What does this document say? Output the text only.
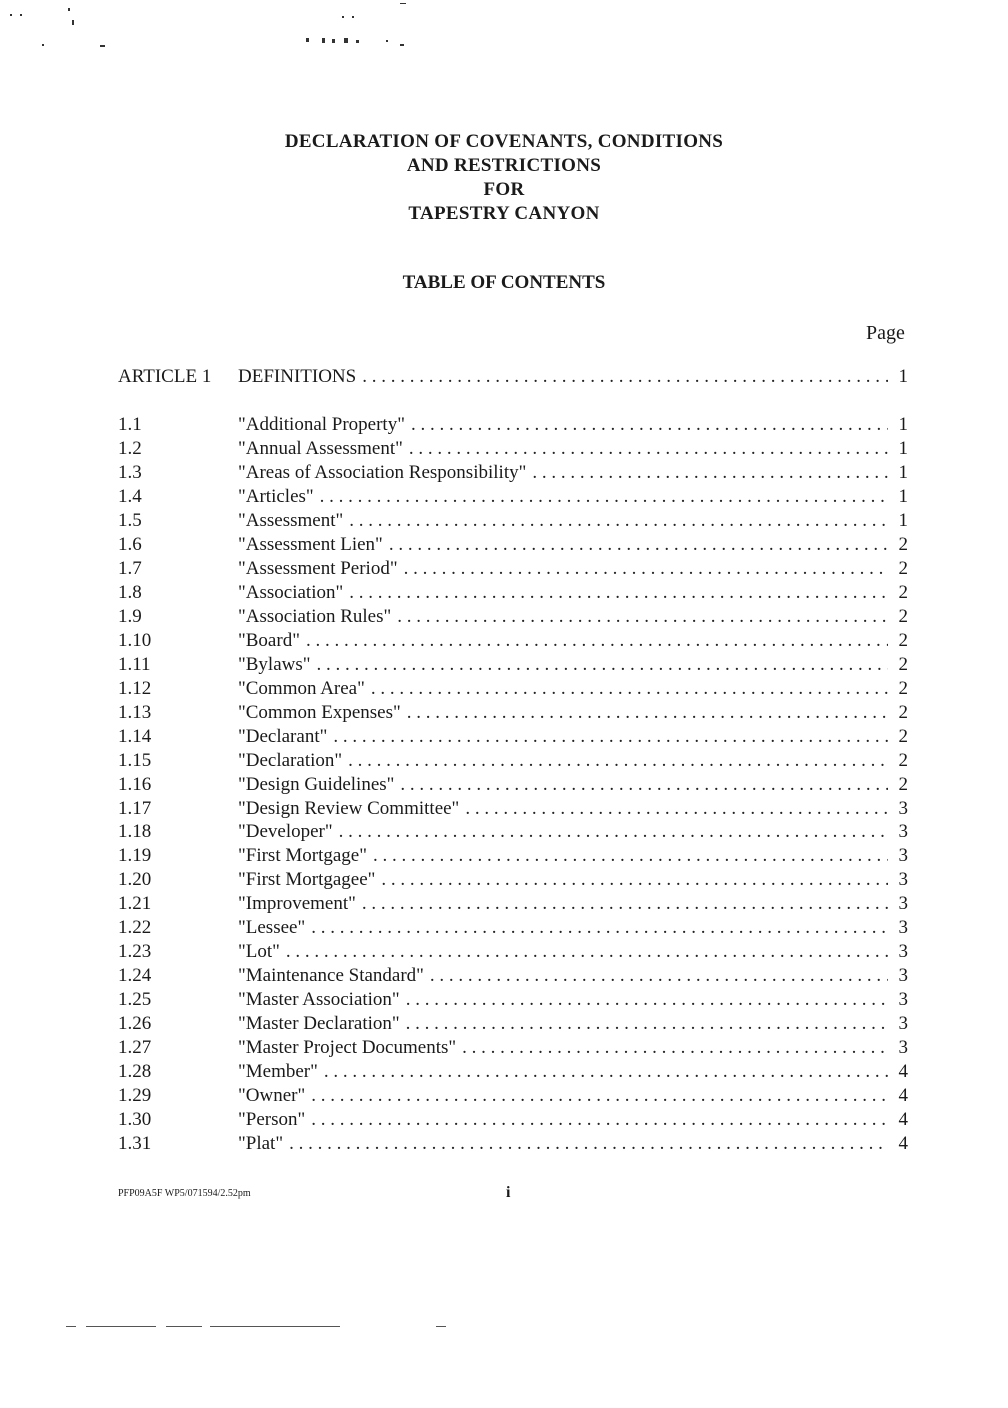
DECLARATION OF COVENANTS, CONDITIONS
AND RESTRICTIONS
FOR
TAPESTRY CANYON
TABLE OF CONTENTS
Page
ARTICLE 1	DEFINITIONS . . .	1
1.1	"Additional Property" . . .	1
1.2	"Annual Assessment" . . .	1
1.3	"Areas of Association Responsibility" . . .	1
1.4	"Articles" . . .	1
1.5	"Assessment" . . .	1
1.6	"Assessment Lien" . . .	2
1.7	"Assessment Period" . . .	2
1.8	"Association" . . .	2
1.9	"Association Rules" . . .	2
1.10	"Board" . . .	2
1.11	"Bylaws" . . .	2
1.12	"Common Area" . . .	2
1.13	"Common Expenses" . . .	2
1.14	"Declarant" . . .	2
1.15	"Declaration" . . .	2
1.16	"Design Guidelines" . . .	2
1.17	"Design Review Committee" . . .	3
1.18	"Developer" . . .	3
1.19	"First Mortgage" . . .	3
1.20	"First Mortgagee" . . .	3
1.21	"Improvement" . . .	3
1.22	"Lessee" . . .	3
1.23	"Lot" . . .	3
1.24	"Maintenance Standard" . . .	3
1.25	"Master Association" . . .	3
1.26	"Master Declaration" . . .	3
1.27	"Master Project Documents" . . .	3
1.28	"Member" . . .	4
1.29	"Owner" . . .	4
1.30	"Person" . . .	4
1.31	"Plat" . . .	4
PFP09A5F WP5/071594/2.52pm	i
